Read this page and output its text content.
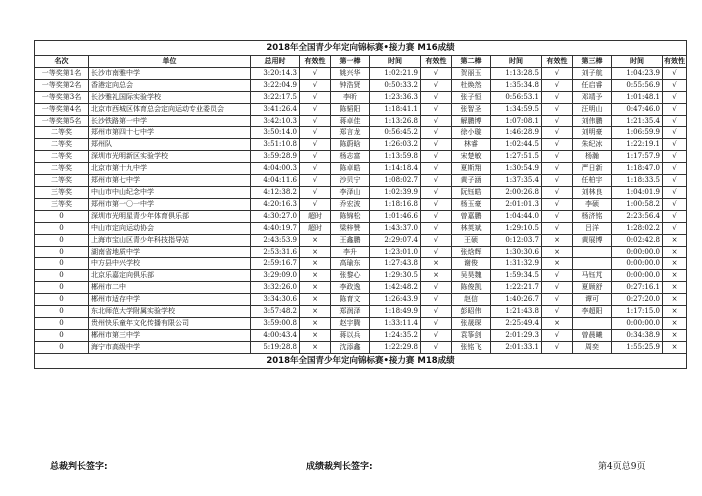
2018年全国青少年定向锦标赛•接力赛 M16成绩												
名次	单位	总用时	有效性	第一棒	时间	有效性	第二棒	时间	有效性	第三棒	时间	有效性
一等奖第1名	长沙市南雅中学	3:20:14.3	√	姚兴华	1:02:21.9	√	贺丽玉	1:13:28.5	√	刘子航	1:04:23.9	√
一等奖第2名	香港定向总会	3:22:04.9	√	钟浩贤	0:50:33.2	√	杜焕然	1:35:34.8	√	任启睿	0:55:56.9	√
一等奖第3名	长沙雅礼国际实验学校	3:22:17.5	√	李昕	1:23:36.3	√	张子恒	0:56:53.1	√	邓靖予	1:01:48.1	√
一等奖第4名	北京市西城区体育总会定向运动专业委员会	3:41:26.4	√	陈韬阳	1:18:41.1	√	张智圣	1:34:59.5	√	汪明山	0:47:46.0	√
一等奖第5名	长沙铁路第一中学	3:42:10.3	√	蒋卓佳	1:13:26.8	√	解鹏博	1:07:08.1	√	刘伟鹏	1:21:35.4	√
二等奖	郑州市第四十七中学	3:50:14.0	√	郑言龙	0:56:45.2	√	徐小璇	1:46:28.9	√	刘明豪	1:06:59.9	√
二等奖	郑州队	3:51:10.8	√	陈蔚晗	1:26:03.2	√	林睿	1:02:44.5	√	朱纪冰	1:22:19.1	√
二等奖	深圳市光明新区实验学校	3:59:28.9	√	杨志富	1:13:59.8	√	宋楚敏	1:27:51.5	√	杨瀚	1:17:57.9	√
二等奖	北京市第十九中学	4:04:00.3	√	陈卓皓	1:14:18.4	√	夏斯翔	1:30:54.9	√	严日新	1:18:47.0	√
二等奖	郑州市第七中学	4:04:11.6	√	沙贝宁	1:08:02.7	√	黄子涵	1:37:35.4	√	任柏宇	1:18:33.5	√
三等奖	中山市中山纪念中学	4:12:38.2	√	李泽山	1:02:39.9	√	阮钰皓	2:00:26.8	√	刘林良	1:04:01.9	√
三等奖	郑州市第一〇一中学	4:20:16.3	√	乔宏波	1:18:16.8	√	杨玉豪	2:01:01.3	√	李硕	1:00:58.2	√
0	深圳市光明星青少年体育俱乐部	4:30:27.0	超时	陈锦松	1:01:46.6	√	曾嘉鹏	1:04:44.0	√	杨济铭	2:23:56.4	√
0	中山市定向运动协会	4:40:19.7	超时	梁梓赞	1:43:37.0	√	林英斌	1:29:10.5	√	吕洋	1:28:02.2	√
0	上海市宝山区青少年科技指导站	2:43:53.9	×	王鑫鹏	2:29:07.4	√	王硕	0:12:03.7	×	黄展博	0:02:42.8	×
0	湖南省地质中学	2:53:31.6	×	李升	1:23:01.0	√	张焓辉	1:30:30.6	×		0:00:00.0	×
0	中方县中兴学校	2:59:16.7	×	高瑜东	1:27:43.8	×	谢俊	1:31:32.9	×		0:00:00.0	×
0	北京乐嘉定向俱乐部	3:29:09.0	×	张黎心	1:29:30.5	×	吴昊魏	1:59:34.5	√	马钰芃	0:00:00.0	×
0	郴州市二中	3:32:26.0	×	李政逸	1:42:48.2	√	陈俊凯	1:22:21.7	√	夏顾舒	0:27:16.1	×
0	郴州市适存中学	3:34:30.6	×	陈育文	1:26:43.9	√	赵信	1:40:26.7	√	谭可	0:27:20.0	×
0	东北师范大学附属实验学校	3:57:48.2	×	郑润泽	1:18:49.9	√	彭昭伟	1:21:43.8	√	李超阳	1:17:15.0	×
0	贵州快乐童年文化传播有限公司	3:59:00.8	×	赵宇腾	1:33:11.4	√	张晟琛	2:25:49.4	×		0:00:00.0	×
0	郴州市第三中学	4:00:43.4	×	蒋以兵	1:24:35.2	√	袁筝剑	2:01:29.3	√	曾晨曦	0:34:38.9	×
0	海宁市高级中学	5:19:28.8	×	沈添鑫	1:22:29.8	√	张铭飞	2:01:33.1	√	周奕	1:55:25.9	×
2018年全国青少年定向锦标赛•接力赛 M18成绩												
总裁判长签字:	成绩裁判长签字:	第4页总9页
